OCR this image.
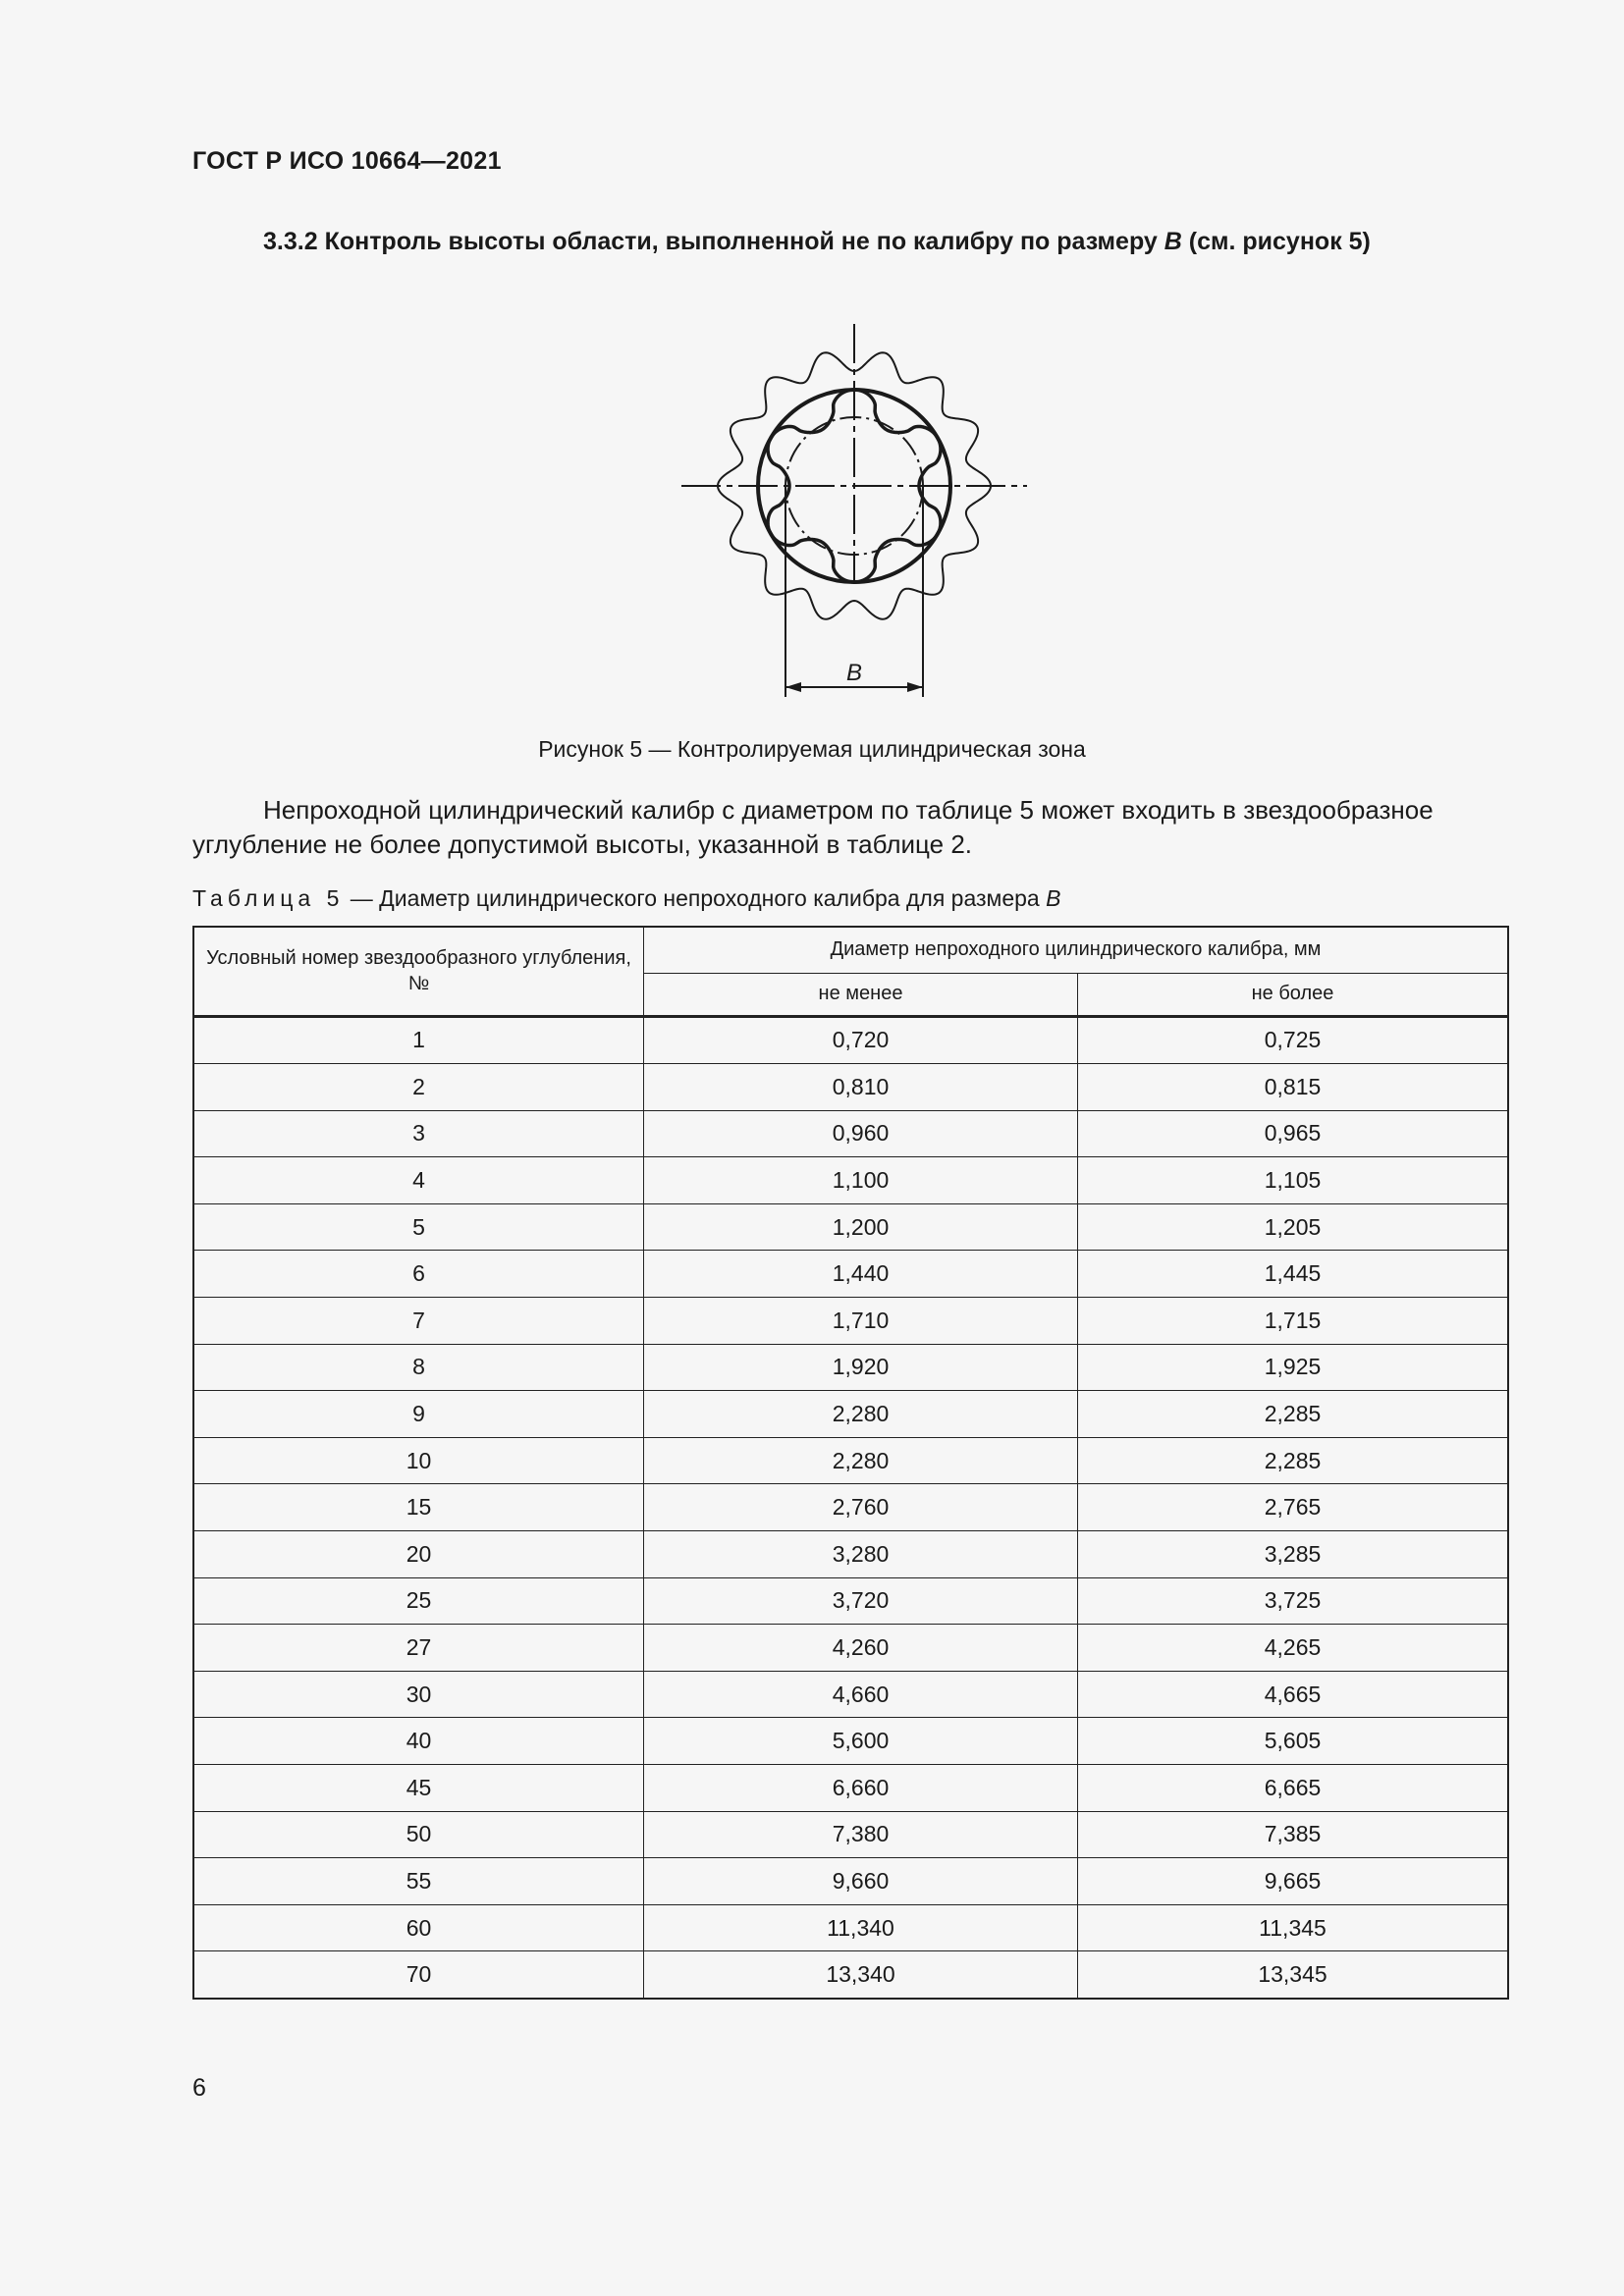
ГОСТ Р ИСО 10664—2021
3.3.2 Контроль высоты области, выполненной не по калибру по размеру B (см. рисунок 5)
B
Рисунок 5 — Контролируемая цилиндрическая зона
Непроходной цилиндрический калибр с диаметром по таблице 5 может входить в звездообразное углубление не более допустимой высоты, указанной в таблице 2.
Таблица 5 — Диаметр цилиндрического непроходного калибра для размера B
Условный номер звездообразного углубления, №	Диаметр непроходного цилиндрического калибра, мм	
	не менее	не более
1	0,720	0,725
2	0,810	0,815
3	0,960	0,965
4	1,100	1,105
5	1,200	1,205
6	1,440	1,445
7	1,710	1,715
8	1,920	1,925
9	2,280	2,285
10	2,280	2,285
15	2,760	2,765
20	3,280	3,285
25	3,720	3,725
27	4,260	4,265
30	4,660	4,665
40	5,600	5,605
45	6,660	6,665
50	7,380	7,385
55	9,660	9,665
60	11,340	11,345
70	13,340	13,345
6
